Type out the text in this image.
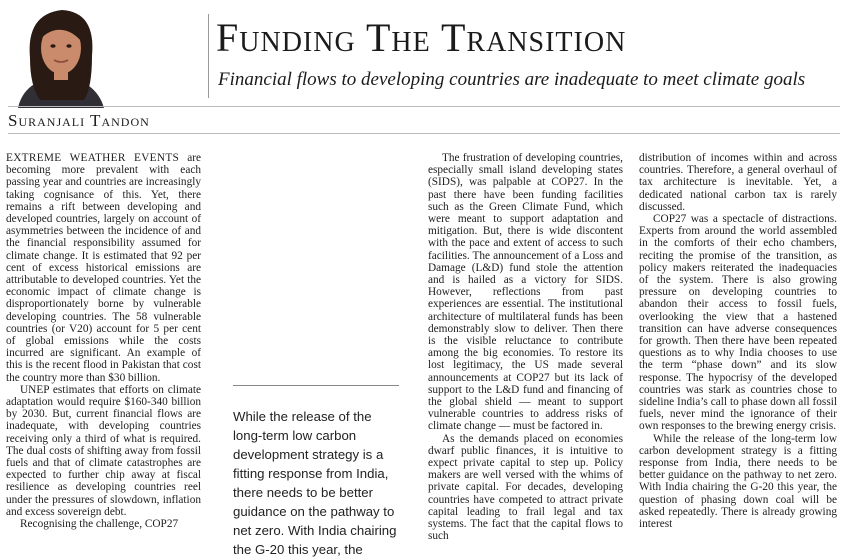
Funding The Transition
Financial flows to developing countries are inadequate to meet climate goals
Suranjali Tandon

EXTREME WEATHER EVENTS are becoming more prevalent with each passing year and countries are increasingly taking cognisance of this. Yet, there remains a rift between developing and developed countries, largely on account of asymmetries between the incidence of and the financial responsibility assumed for climate change. It is estimated that 92 per cent of excess historical emissions are attributable to developed countries. Yet the economic impact of climate change is disproportionately borne by vulnerable developing countries. The 58 vulnerable countries (or V20) account for 5 per cent of global emissions while the costs incurred are significant. An example of this is the recent flood in Pakistan that cost the country more than $30 billion.

UNEP estimates that efforts on climate adaptation would require $160-340 billion by 2030. But, current financial flows are inadequate, with developing countries receiving only a third of what is required. The dual costs of shifting away from fossil fuels and that of climate catastrophes are expected to further chip away at fiscal resilience as developing countries reel under the pressures of slowdown, inflation and excess sovereign debt.

Recognising the challenge, COP27

While the release of the long-term low carbon development strategy is a fitting response from India, there needs to be better guidance on the pathway to net zero. With India chairing the G-20 this year, the

The frustration of developing countries, especially small island developing states (SIDS), was palpable at COP27. In the past there have been funding facilities such as the Green Climate Fund, which were meant to support adaptation and mitigation. But, there is wide discontent with the pace and extent of access to such facilities. The announcement of a Loss and Damage (L&D) fund stole the attention and is hailed as a victory for SIDS. However, reflections from past experiences are essential. The institutional architecture of multilateral funds has been demonstrably slow to deliver. Then there is the visible reluctance to contribute among the big economies. To restore its lost legitimacy, the US made several announcements at COP27 but its lack of support to the L&D fund and financing of the global shield — meant to support vulnerable countries to address risks of climate change — must be factored in.

As the demands placed on economies dwarf public finances, it is intuitive to expect private capital to step up. Policy makers are well versed with the whims of private capital. For decades, developing countries have competed to attract private capital leading to frail legal and tax systems. The fact that the capital flows to such

distribution of incomes within and across countries. Therefore, a general overhaul of tax architecture is inevitable. Yet, a dedicated national carbon tax is rarely discussed.

COP27 was a spectacle of distractions. Experts from around the world assembled in the comforts of their echo chambers, reciting the promise of the transition, as policy makers reiterated the inadequacies of the system. There is also growing pressure on developing countries to abandon their access to fossil fuels, overlooking the view that a hastened transition can have adverse consequences for growth. Then there have been repeated questions as to why India chooses to use the term “phase down” and its slow response. The hypocrisy of the developed countries was stark as countries chose to sideline India’s call to phase down all fossil fuels, never mind the ignorance of their own responses to the brewing energy crisis.

While the release of the long-term low carbon development strategy is a fitting response from India, there needs to be better guidance on the pathway to net zero. With India chairing the G-20 this year, the question of phasing down coal will be asked repeatedly. There is already growing interest
